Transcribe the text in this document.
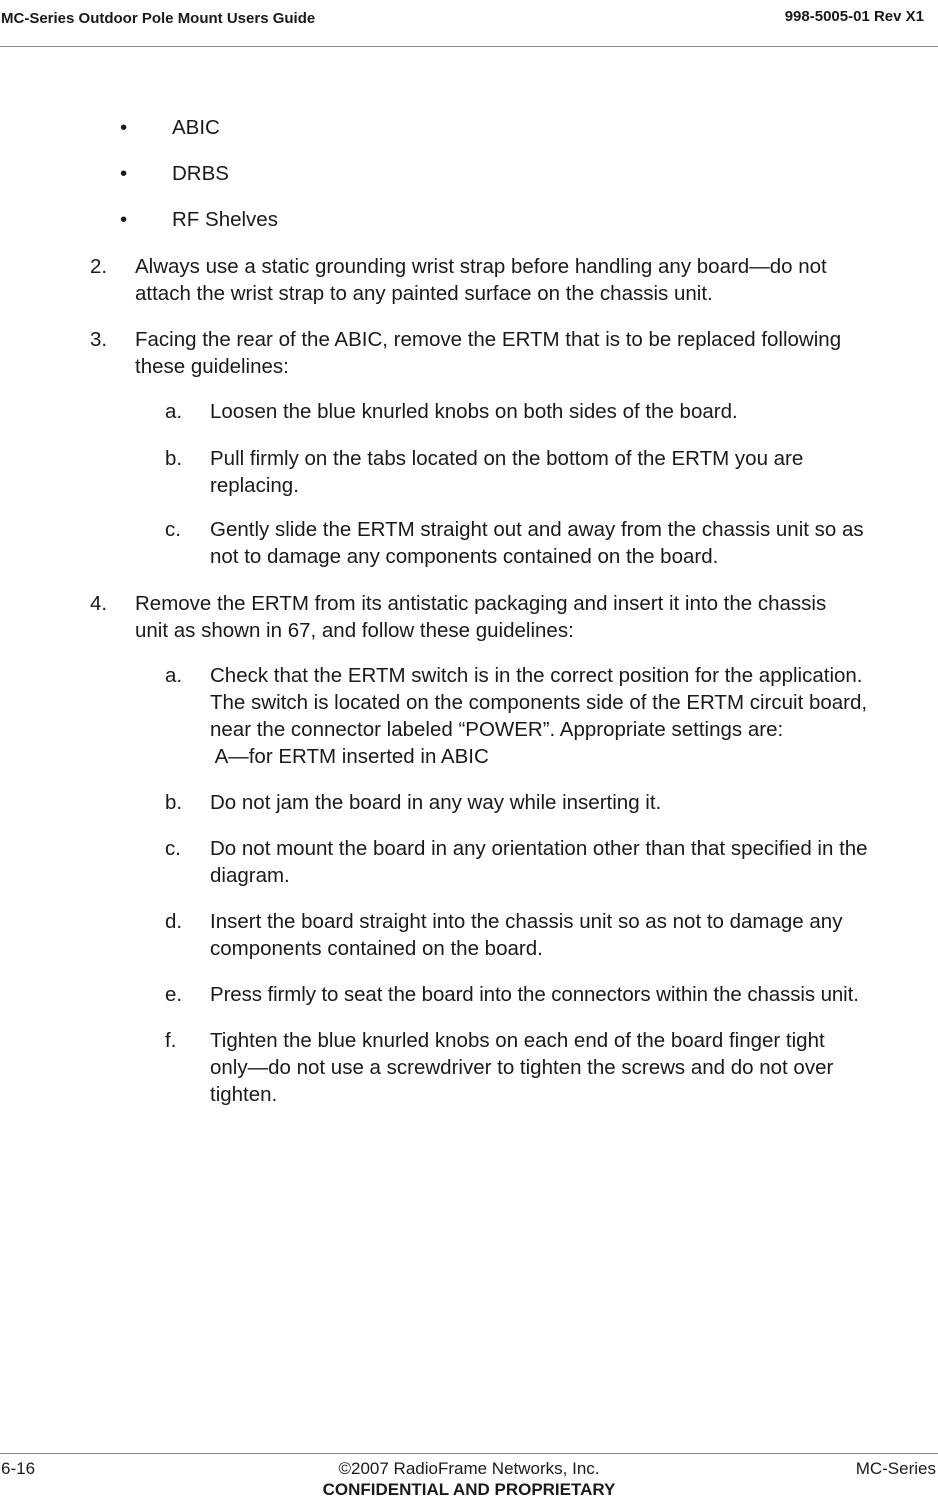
MC-Series Outdoor Pole Mount Users Guide	998-5005-01 Rev X1
• ABIC
• DRBS
• RF Shelves
2. Always use a static grounding wrist strap before handling any board—do not
attach the wrist strap to any painted surface on the chassis unit.
3. Facing the rear of the ABIC, remove the ERTM that is to be replaced following
these guidelines:
a. Loosen the blue knurled knobs on both sides of the board.
b. Pull firmly on the tabs located on the bottom of the ERTM you are
replacing.
c. Gently slide the ERTM straight out and away from the chassis unit so as
not to damage any components contained on the board.
4. Remove the ERTM from its antistatic packaging and insert it into the chassis
unit as shown in 67, and follow these guidelines:
a. Check that the ERTM switch is in the correct position for the application.
The switch is located on the components side of the ERTM circuit board,
near the connector labeled “POWER”. Appropriate settings are:
A—for ERTM inserted in ABIC
b. Do not jam the board in any way while inserting it.
c. Do not mount the board in any orientation other than that specified in the
diagram.
d. Insert the board straight into the chassis unit so as not to damage any
components contained on the board.
e. Press firmly to seat the board into the connectors within the chassis unit.
f. Tighten the blue knurled knobs on each end of the board finger tight
only—do not use a screwdriver to tighten the screws and do not over
tighten.
6-16	©2007 RadioFrame Networks, Inc.
CONFIDENTIAL AND PROPRIETARY
MC-Series
